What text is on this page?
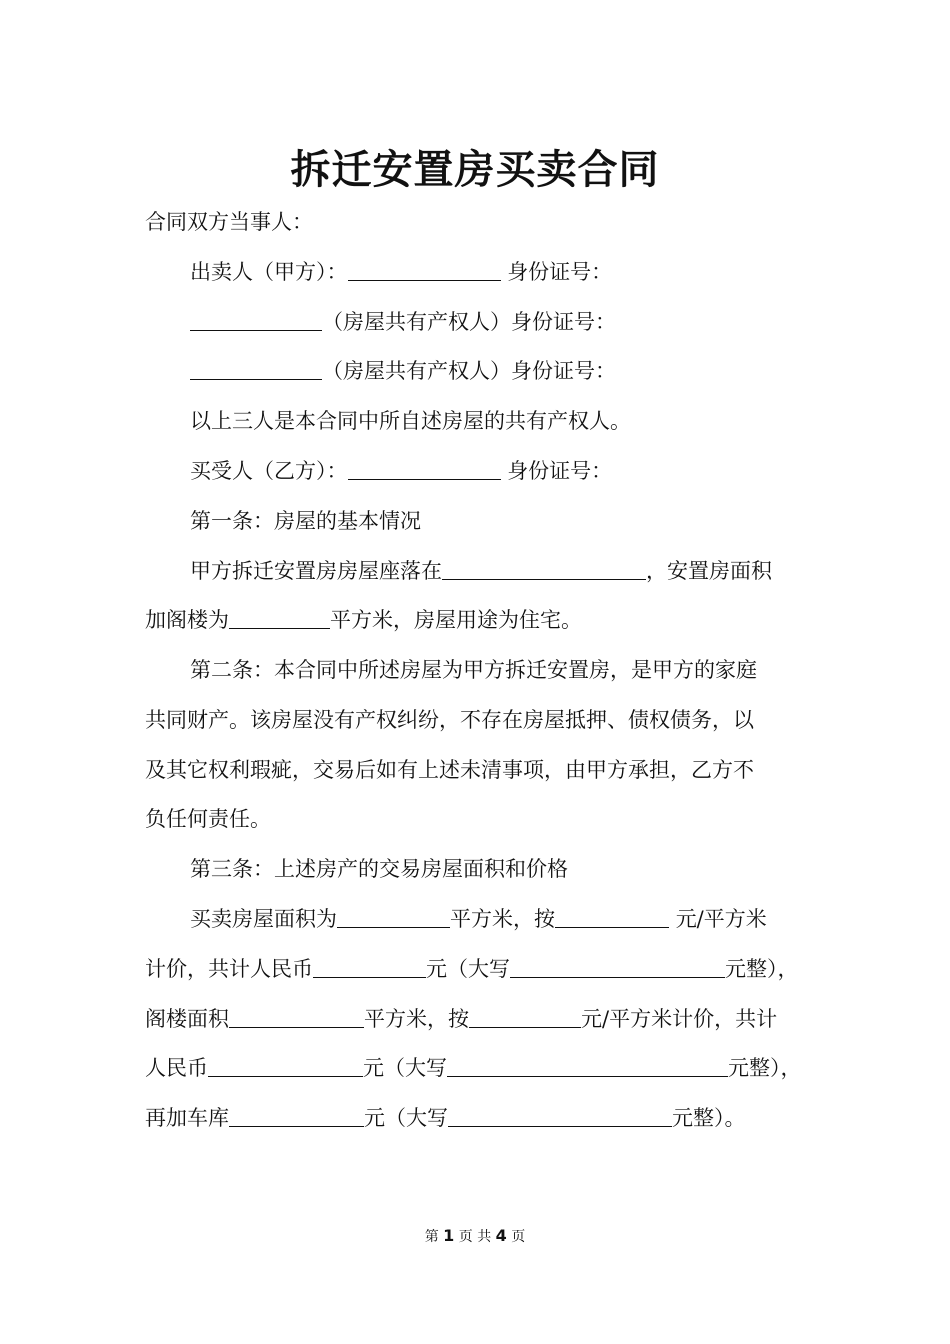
拆迁安置房买卖合同
合同双方当事人：
出卖人（甲方）：	身份证号：
（房屋共有产权人）身份证号：
（房屋共有产权人）身份证号：
以上三人是本合同中所自述房屋的共有产权人。
买受人（乙方）：	身份证号：
第一条：房屋的基本情况
甲方拆迁安置房房屋座落在	，安置房面积
加阁楼为	平方米，房屋用途为住宅。
第二条：本合同中所述房屋为甲方拆迁安置房，是甲方的家庭
共同财产。该房屋没有产权纠纷，不存在房屋抵押、债权债务，以
及其它权利瑕疵，交易后如有上述未清事项，由甲方承担，乙方不
负任何责任。
第三条：上述房产的交易房屋面积和价格
买卖房屋面积为	平方米，按	元/平方米
计价，共计人民币	元（大写	元整），
阁楼面积	平方米，按	元/平方米计价，共计
人民币	元（大写	元整），
再加车库	元（大写	元整）。
第 1 页 共 4 页
